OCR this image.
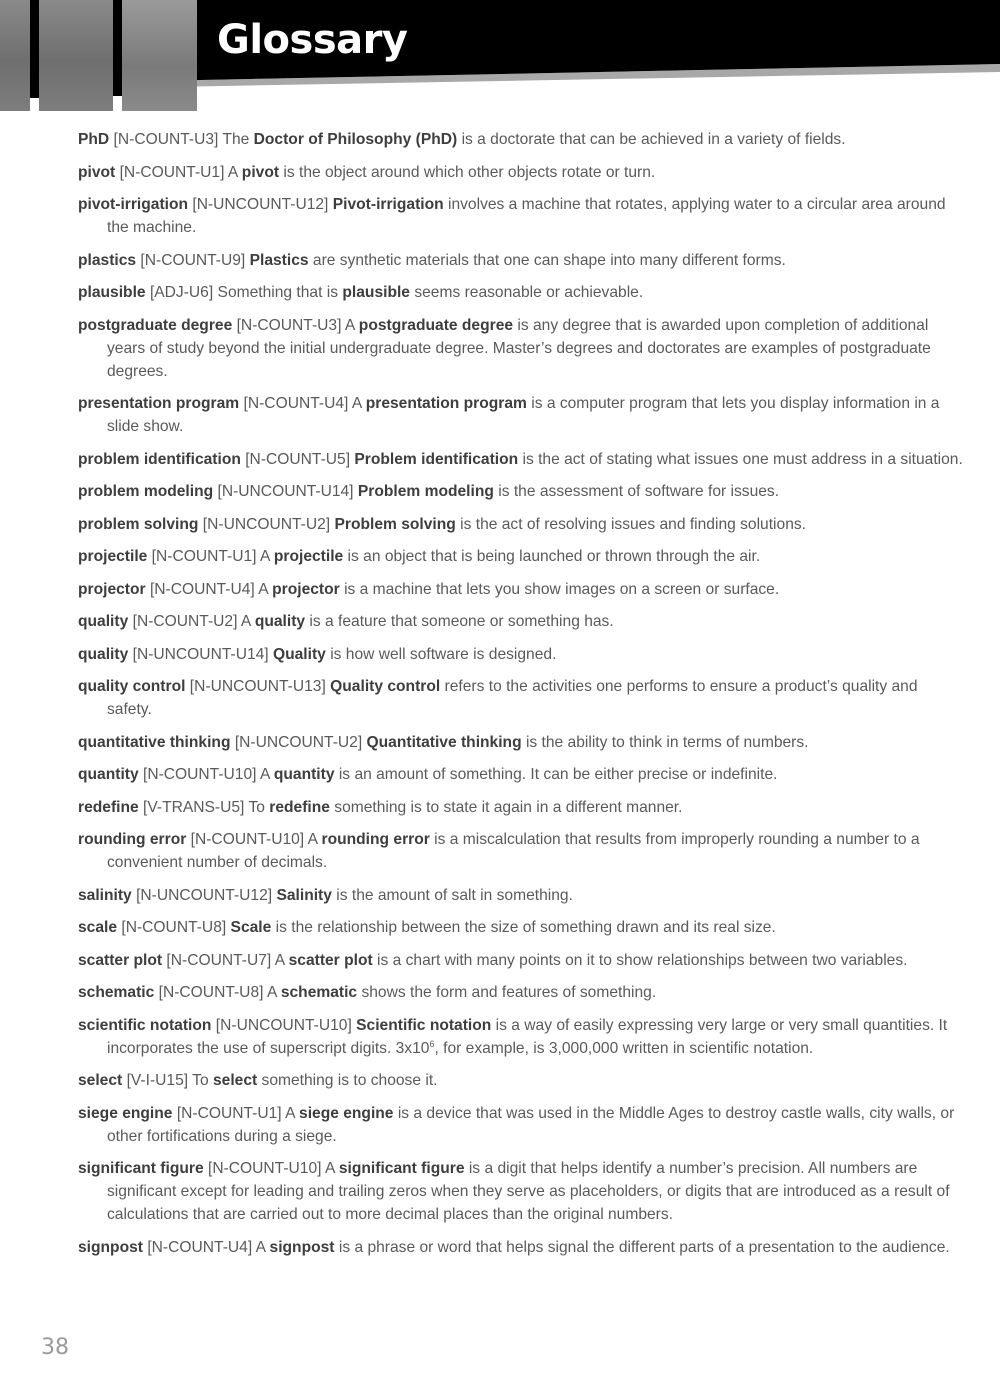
Glossary

PhD [N-COUNT-U3] The Doctor of Philosophy (PhD) is a doctorate that can be achieved in a variety of fields.

pivot [N-COUNT-U1] A pivot is the object around which other objects rotate or turn.

pivot-irrigation [N-UNCOUNT-U12] Pivot-irrigation involves a machine that rotates, applying water to a circular area around the machine.

plastics [N-COUNT-U9] Plastics are synthetic materials that one can shape into many different forms.

plausible [ADJ-U6] Something that is plausible seems reasonable or achievable.

postgraduate degree [N-COUNT-U3] A postgraduate degree is any degree that is awarded upon completion of additional years of study beyond the initial undergraduate degree. Master’s degrees and doctorates are examples of postgraduate degrees.

presentation program [N-COUNT-U4] A presentation program is a computer program that lets you display information in a slide show.

problem identification [N-COUNT-U5] Problem identification is the act of stating what issues one must address in a situation.

problem modeling [N-UNCOUNT-U14] Problem modeling is the assessment of software for issues.

problem solving [N-UNCOUNT-U2] Problem solving is the act of resolving issues and finding solutions.

projectile [N-COUNT-U1] A projectile is an object that is being launched or thrown through the air.

projector [N-COUNT-U4] A projector is a machine that lets you show images on a screen or surface.

quality [N-COUNT-U2] A quality is a feature that someone or something has.

quality [N-UNCOUNT-U14] Quality is how well software is designed.

quality control [N-UNCOUNT-U13] Quality control refers to the activities one performs to ensure a product’s quality and safety.

quantitative thinking [N-UNCOUNT-U2] Quantitative thinking is the ability to think in terms of numbers.

quantity [N-COUNT-U10] A quantity is an amount of something. It can be either precise or indefinite.

redefine [V-TRANS-U5] To redefine something is to state it again in a different manner.

rounding error [N-COUNT-U10] A rounding error is a miscalculation that results from improperly rounding a number to a convenient number of decimals.

salinity [N-UNCOUNT-U12] Salinity is the amount of salt in something.

scale [N-COUNT-U8] Scale is the relationship between the size of something drawn and its real size.

scatter plot [N-COUNT-U7] A scatter plot is a chart with many points on it to show relationships between two variables.

schematic [N-COUNT-U8] A schematic shows the form and features of something.

scientific notation [N-UNCOUNT-U10] Scientific notation is a way of easily expressing very large or very small quantities. It incorporates the use of superscript digits. $3x10^6$, for example, is 3,000,000 written in scientific notation.

select [V-I-U15] To select something is to choose it.

siege engine [N-COUNT-U1] A siege engine is a device that was used in the Middle Ages to destroy castle walls, city walls, or other fortifications during a siege.

significant figure [N-COUNT-U10] A significant figure is a digit that helps identify a number’s precision. All numbers are significant except for leading and trailing zeros when they serve as placeholders, or digits that are introduced as a result of calculations that are carried out to more decimal places than the original numbers.

signpost [N-COUNT-U4] A signpost is a phrase or word that helps signal the different parts of a presentation to the audience.

38
